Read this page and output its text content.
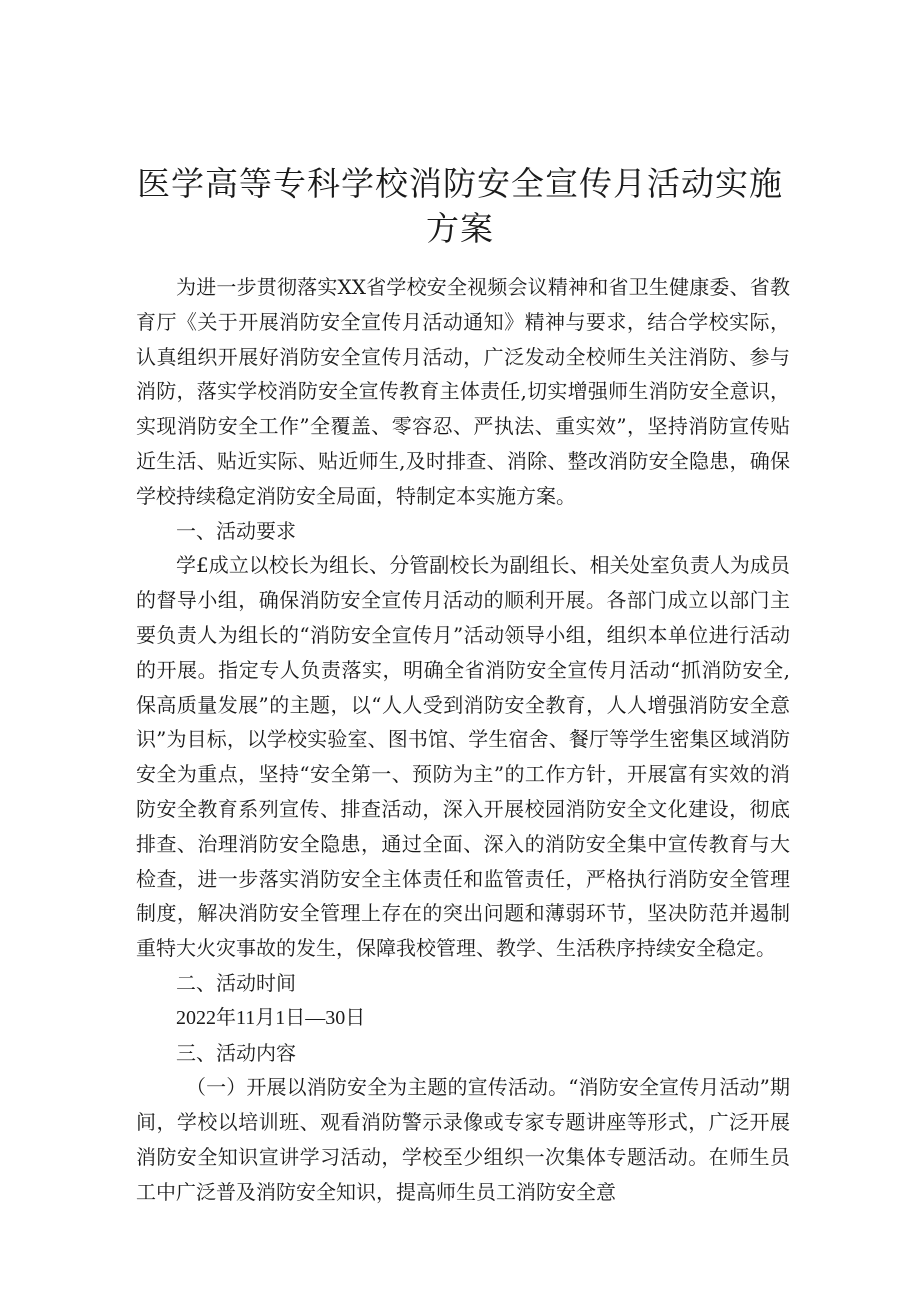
医学高等专科学校消防安全宣传月活动实施
方案

为进一步贯彻落实XX省学校安全视频会议精神和省卫生健康委、省教育厅《关于开展消防安全宣传月活动通知》精神与要求，结合学校实际，认真组织开展好消防安全宣传月活动，广泛发动全校师生关注消防、参与消防，落实学校消防安全宣传教育主体责任,切实增强师生消防安全意识，实现消防安全工作”全覆盖、零容忍、严执法、重实效”，坚持消防宣传贴近生活、贴近实际、贴近师生,及时排查、消除、整改消防安全隐患，确保学校持续稳定消防安全局面，特制定本实施方案。

一、活动要求

学£成立以校长为组长、分管副校长为副组长、相关处室负责人为成员的督导小组，确保消防安全宣传月活动的顺利开展。各部门成立以部门主要负责人为组长的“消防安全宣传月”活动领导小组，组织本单位进行活动的开展。指定专人负责落实，明确全省消防安全宣传月活动“抓消防安全,保高质量发展”的主题，以“人人受到消防安全教育，人人增强消防安全意识”为目标，以学校实验室、图书馆、学生宿舍、餐厅等学生密集区域消防安全为重点，坚持“安全第一、预防为主”的工作方针，开展富有实效的消防安全教育系列宣传、排查活动，深入开展校园消防安全文化建设，彻底排查、治理消防安全隐患，通过全面、深入的消防安全集中宣传教育与大检查，进一步落实消防安全主体责任和监管责任，严格执行消防安全管理制度，解决消防安全管理上存在的突出问题和薄弱环节，坚决防范并遏制重特大火灾事故的发生，保障我校管理、教学、生活秩序持续安全稳定。

二、活动时间

2022年11月1日—30日

三、活动内容

（一）开展以消防安全为主题的宣传活动。“消防安全宣传月活动”期间，学校以培训班、观看消防警示录像或专家专题讲座等形式，广泛开展消防安全知识宣讲学习活动，学校至少组织一次集体专题活动。在师生员工中广泛普及消防安全知识，提高师生员工消防安全意
